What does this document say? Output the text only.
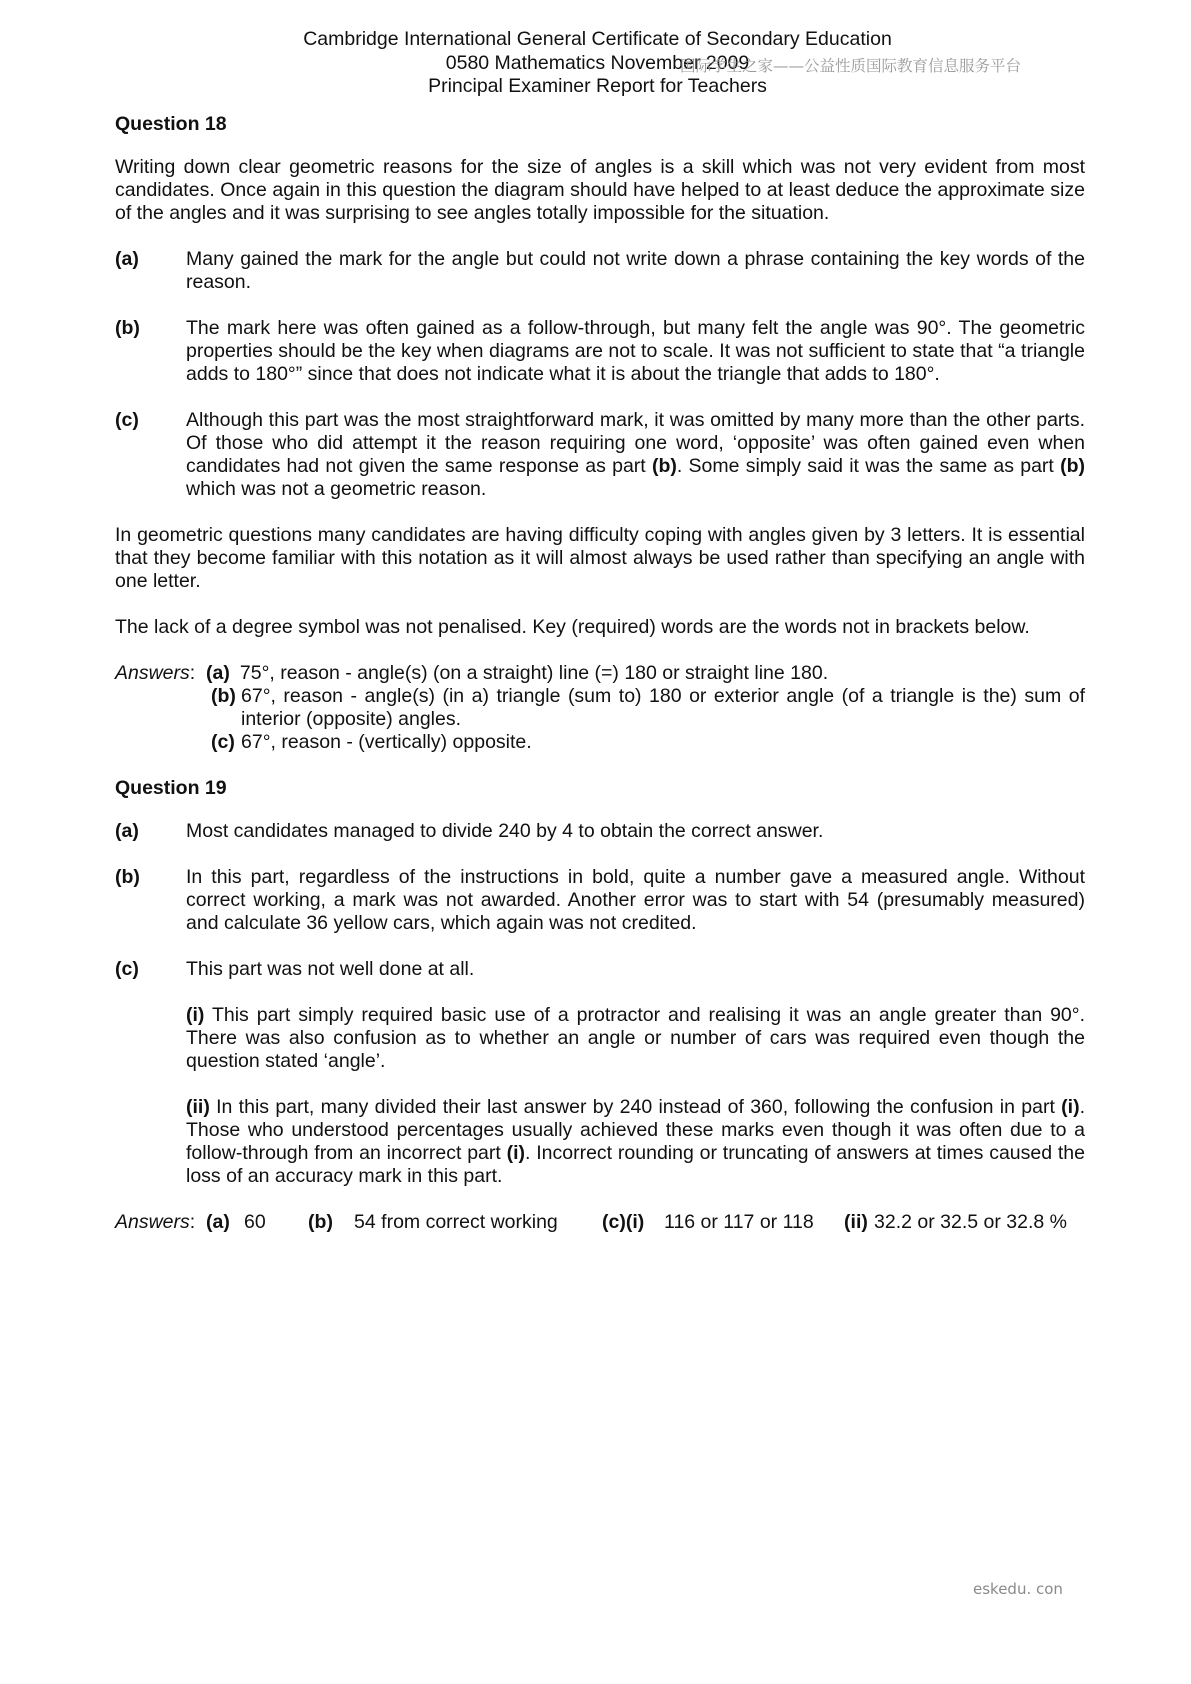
Cambridge International General Certificate of Secondary Education
0580 Mathematics November 2009
Principal Examiner Report for Teachers
国际学生之家——公益性质国际教育信息服务平台
Question 18

Writing down clear geometric reasons for the size of angles is a skill which was not very evident from most candidates. Once again in this question the diagram should have helped to at least deduce the approximate size of the angles and it was surprising to see angles totally impossible for the situation.

(a)	Many gained the mark for the angle but could not write down a phrase containing the key words of the reason.
(b)	The mark here was often gained as a follow-through, but many felt the angle was 90°. The geometric properties should be the key when diagrams are not to scale. It was not sufficient to state that “a triangle adds to 180°” since that does not indicate what it is about the triangle that adds to 180°.
(c)	Although this part was the most straightforward mark, it was omitted by many more than the other parts. Of those who did attempt it the reason requiring one word, ‘opposite’ was often gained even when candidates had not given the same response as part (b). Some simply said it was the same as part (b) which was not a geometric reason.

In geometric questions many candidates are having difficulty coping with angles given by 3 letters. It is essential that they become familiar with this notation as it will almost always be used rather than specifying an angle with one letter.

The lack of a degree symbol was not penalised. Key (required) words are the words not in brackets below.

Answers: (a) 75°, reason - angle(s) (on a straight) line (=) 180 or straight line 180.
(b) 67°, reason - angle(s) (in a) triangle (sum to) 180 or exterior angle (of a triangle is the) sum of interior (opposite) angles.
(c) 67°, reason - (vertically) opposite.
Question 19
(a)	Most candidates managed to divide 240 by 4 to obtain the correct answer.
(b)	In this part, regardless of the instructions in bold, quite a number gave a measured angle. Without correct working, a mark was not awarded. Another error was to start with 54 (presumably measured) and calculate 36 yellow cars, which again was not credited.
(c)	This part was not well done at all.

(i) This part simply required basic use of a protractor and realising it was an angle greater than 90°. There was also confusion as to whether an angle or number of cars was required even though the question stated ‘angle’.

(ii) In this part, many divided their last answer by 240 instead of 360, following the confusion in part (i). Those who understood percentages usually achieved these marks even though it was often due to a follow-through from an incorrect part (i). Incorrect rounding or truncating of answers at times caused the loss of an accuracy mark in this part.

Answers: (a) 60	(b)	54 from correct working	(c)(i)	116 or 117 or 118	(ii) 32.2 or 32.5 or 32.8 %
eskedu. con
